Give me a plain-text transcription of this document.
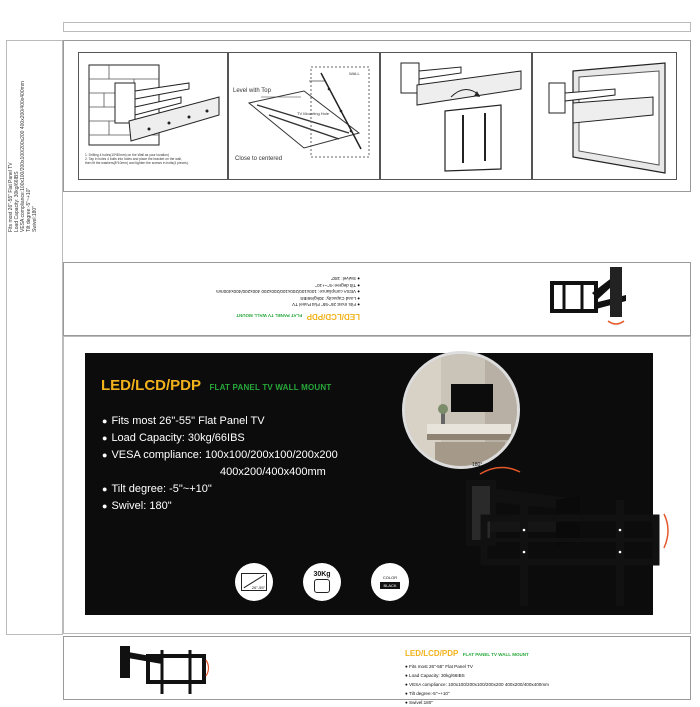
Fits most 26"-55" Flat Panel TV Load Capacity: 30kg/66IBS VESA compliance:100x100/200x100/200x200 400x200/400x400mm Tilt degree:-5"~+10" Swivel:180"
1. Drilling 4 holes(10*80mm) on the Wall as your location)
2. Tap in holes 4 bolts into holes and place the bracket on the wall,
then fit the washers(8*10mm) and tighten the screws in bolts(4 pieces).
Level with Top
Close to centered
TV Mounting Hole
WALL
LED/LCD/PDP FLAT PANEL TV WALL MOUNT
● Fits most 26"-55" Flat Panel TV
● Load Capacity: 30kg/66IBS
● VESA compliance: 100x100/200x100/200x200 400x200/400x400mm
● Tilt degree:-5"~+10"
● Swivel: 180"
LED/LCD/PDP FLAT PANEL TV WALL MOUNT
● Fits most 26"-55" Flat Panel TV
● Load Capacity: 30kg/66IBS
● VESA compliance: 100x100/200x100/200x200
400x200/400x400mm
● Tilt degree: -5"~+10"
● Swivel: 180"
26"-55"
30Kg	COLOR
BLACK
180°
95-410mm
-5°~+10°
LED/LCD/PDP FLAT PANEL TV WALL MOUNT
● Fits most 26"-55" Flat Panel TV
● Load Capacity: 30kg/66IBS
● VESA compliance: 100x100/200x100/200x200 400x200/400x400mm
● Tilt degree:-5"~+10"
● Swivel:180"
